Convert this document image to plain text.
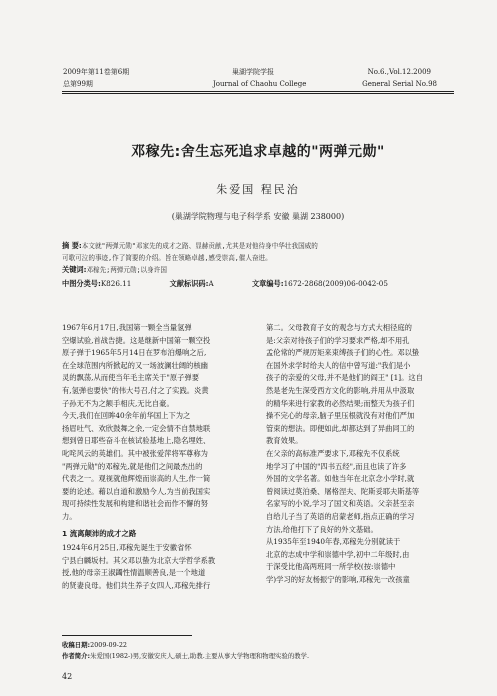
2009年第11卷第6期
总第99期
巢湖学院学报
Journal of Chaohu College
No.6.,Vol.12.2009
General Serial No.98
邓稼先:舍生忘死追求卓越的"两弹元勋"
朱爱国 程民治
(巢湖学院物理与电子科学系 安徽 巢湖 238000)
摘 要:本文就"两弹元勋"邓家先的成才之路、显赫贡献,尤其是对他待身中华壮我国威的
可歌可泣的事迹,作了简要的介绍。旨在领略卓越,感受崇高,催人奋进。
关键词:邓稼先;两弹元勋;以身许国
中图分类号:K826.11	文献标识码:A	文章编号:1672-2868(2009)06-0042-05

1967年6月17日,我国第一颗全当量氢弹

空爆试验,首战告捷。这是继新中国第一颗空投

原子弹于1965年5月14日在罗布泊爆响之后,

在全球范围内所掀起的又一场波澜壮阔的核幽

灵的飘荡,从而使当年毛主席关于"原子弹要

有,氢弹也要快"的伟大号召,付之了实践。炎黄

子孙无不为之额手相庆,无比自豪。

今天,我们在回眸40余年前华国上下为之

扬眉吐气、欢欣鼓舞之余,一定会情不自禁地联

想到曾日耶些奋斗在核试验基地上,隐名埋姓、

叱咤风云的英雄们。其中被张爱萍将军尊称为

"两弹元勋"的邓稼先,就是他们之间最杰出的

代表之一。观视就他辉煌而崇高的人生,作一简

要的论述。藉以自道和激励今人,为当前我国实

现可持续性发展和构建和谐社会而作不懈的努

力。

1 流离颠沛的成才之路

1924年6月25日,邓稼先诞生于安徽省怀

宁县白麟坂村。其父邓以蛰为北京大学哲学系教

授,他的母亲王淑蠲性情温顺善良,是一个地道

的贤妻良母。他们共生养子女四人,邓稼先排行

第二。父母教育子女的观念与方式大相径庭的

是:父亲对待孩子们的学习要求严格,却不用孔

孟伦常的严规厉矩来束缚孩子们的心性。邓以蛰

在国外求学时给夫人的信中曾写道:"我们是小

孩子的亲爱的父母,并不是他们的阎王" [1]。这自

然是老先生深受西方文化的影响,并用从中汲取

的精华来进行家教的必然结果;而整天为孩子们

操不完心的母亲,脑子里压根就没有对他们严加

管束的想法。即便如此,却都达到了异曲同工的

教育效果。

在父亲的高标准严要求下,邓稼先不仅系统

地学习了中国的"四书五经",而且也读了许多

外国的文学名著。如他当年在北京念小学时,就

曾阅读过莫泊桑、屠格涅夫、陀斯妥耶夫斯基等

名家写的小说,学习了国文和英语。父亲甚至亲

自给儿子当了英语的启蒙老师,指点正确的学习

方法,给他打下了良好的外文基础。

从1935年至1940年春,邓稼先分别就读于

北京的志成中学和崇德中学,初中二年级时,由

于深受比他高两班同一所学校(按:崇德中

学)学习的好友杨振宁的影响,邓稼先一改孩童

收稿日期:2009-09-22
作者简介:朱爱国(1982-)男,安徽安庆人,硕士,助教.主要从事大学物理和物理实验的教学.
42
